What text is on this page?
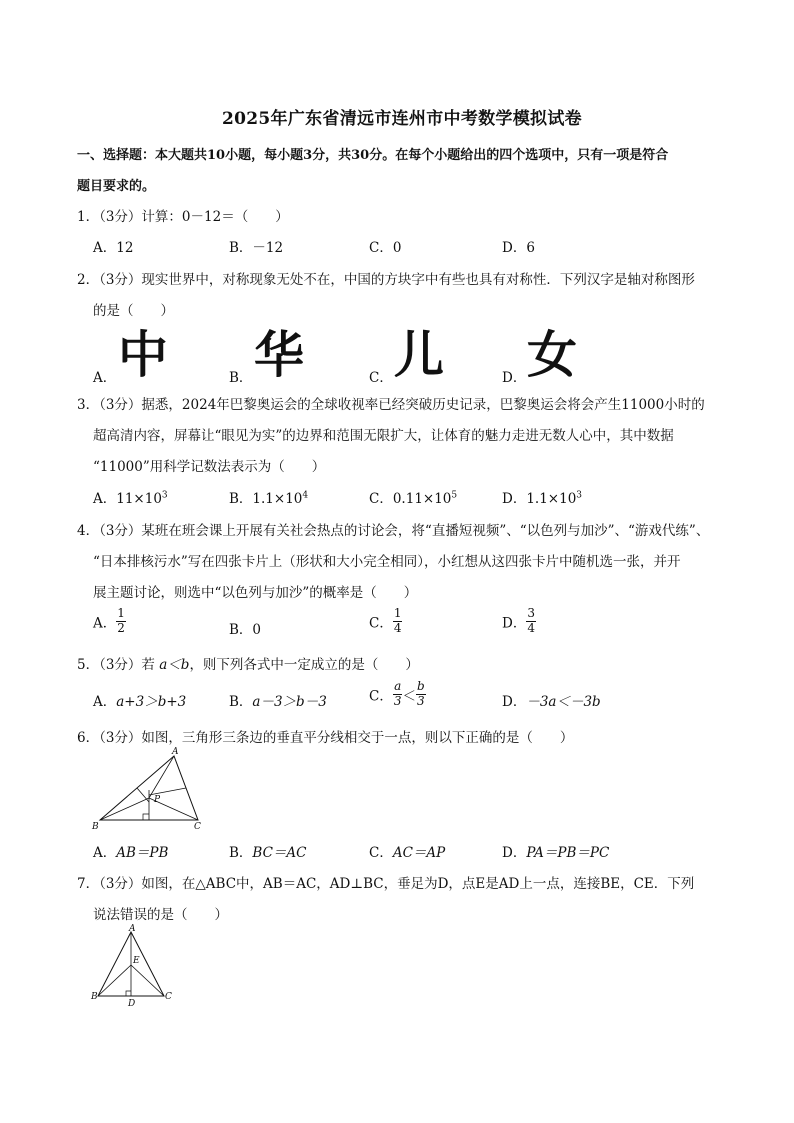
2025年广东省清远市连州市中考数学模拟试卷
一、选择题：本大题共10小题，每小题3分，共30分。在每个小题给出的四个选项中，只有一项是符合
题目要求的。
1．（3分）计算：0－12＝（　　）
A．12	B．－12	C．0	D．6
2．（3分）现实世界中，对称现象无处不在，中国的方块字中有些也具有对称性．下列汉字是轴对称图形
的是（　　）
A． 中	B． 华	C． 儿	D． 女
3．（3分）据悉，2024年巴黎奥运会的全球收视率已经突破历史记录，巴黎奥运会将会产生11000小时的
超高清内容，屏幕让“眼见为实”的边界和范围无限扩大，让体育的魅力走进无数人心中，其中数据
“11000”用科学记数法表示为（　　）
A．$11\times 10^3$	B．$1.1\times 10^4$	C．$0.11\times 10^5$	D．$1.1\times 10^3$
4．（3分）某班在班会课上开展有关社会热点的讨论会，将“直播短视频”、“以色列与加沙”、“游戏代练”、
“日本排核污水”写在四张卡片上（形状和大小完全相同），小红想从这四张卡片中随机选一张，并开
展主题讨论，则选中“以色列与加沙”的概率是（　　）
A． $\frac{1}{2}$	B．0	C． $\frac{1}{4}$	D． $\frac{3}{4}$
5．（3分）若 a＜b，则下列各式中一定成立的是（　　）
A．a+3＞b+3	B．a－3＞b－3	C． $\frac{a}{3} < \frac{b}{3}$	D．－3a＜－3b
6．（3分）如图，三角形三条边的垂直平分线相交于一点，则以下正确的是（　　）
A
B	C
P
A．AB＝PB	B．BC＝AC	C．AC＝AP	D．PA＝PB＝PC
7．（3分）如图，在△ABC中，AB＝AC，AD⊥BC，垂足为D，点E是AD上一点，连接BE，CE．下列
说法错误的是（　　）
A
B	C
D
E
